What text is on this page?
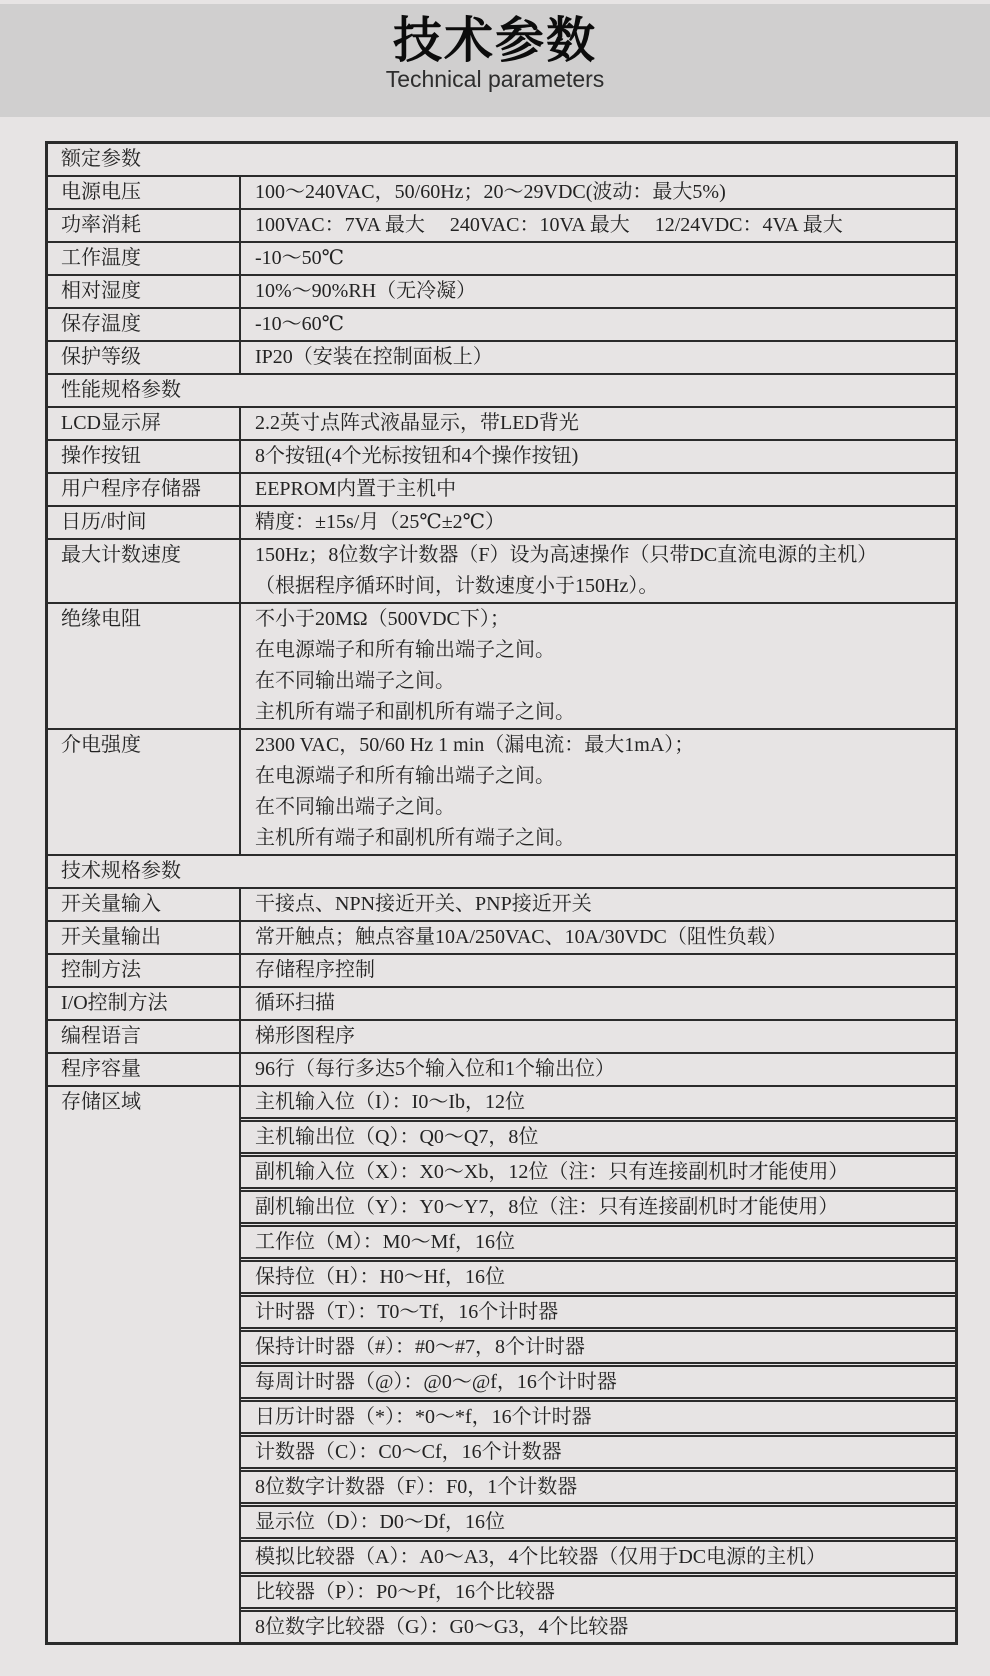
技术参数
Technical parameters
额定参数
电源电压	100～240VAC，50/60Hz；20～29VDC(波动：最大5%)
功率消耗	100VAC：7VA 最大　 240VAC：10VA 最大　 12/24VDC：4VA 最大
工作温度	-10～50℃
相对湿度	10%～90%RH（无冷凝）
保存温度	-10～60℃
保护等级	IP20（安装在控制面板上）
性能规格参数
LCD显示屏	2.2英寸点阵式液晶显示，带LED背光
操作按钮	8个按钮(4个光标按钮和4个操作按钮)
用户程序存储器	EEPROM内置于主机中
日历/时间	精度：±15s/月（25℃±2℃）
最大计数速度	150Hz；8位数字计数器（F）设为高速操作（只带DC直流电源的主机）
（根据程序循环时间，计数速度小于150Hz）。
绝缘电阻	不小于20MΩ（500VDC下）；
在电源端子和所有输出端子之间。
在不同输出端子之间。
主机所有端子和副机所有端子之间。
介电强度	2300 VAC，50/60 Hz 1 min（漏电流：最大1mA）；
在电源端子和所有输出端子之间。
在不同输出端子之间。
主机所有端子和副机所有端子之间。
技术规格参数
开关量输入	干接点、NPN接近开关、PNP接近开关
开关量输出	常开触点；触点容量10A/250VAC、10A/30VDC（阻性负载）
控制方法	存储程序控制
I/O控制方法	循环扫描
编程语言	梯形图程序
程序容量	96行（每行多达5个输入位和1个输出位）
存储区域	主机输入位（I）：I0～Ib，12位
主机输出位（Q）：Q0～Q7，8位
副机输入位（X）：X0～Xb，12位（注：只有连接副机时才能使用）
副机输出位（Y）：Y0～Y7，8位（注：只有连接副机时才能使用）
工作位（M）：M0～Mf，16位
保持位（H）：H0～Hf，16位
计时器（T）：T0～Tf，16个计时器
保持计时器（#）：#0～#7，8个计时器
每周计时器（@）：@0～@f，16个计时器
日历计时器（*）：*0～*f，16个计时器
计数器（C）：C0～Cf，16个计数器
8位数字计数器（F）：F0，1个计数器
显示位（D）：D0～Df，16位
模拟比较器（A）：A0～A3，4个比较器（仅用于DC电源的主机）
比较器（P）：P0～Pf，16个比较器
8位数字比较器（G）：G0～G3，4个比较器
